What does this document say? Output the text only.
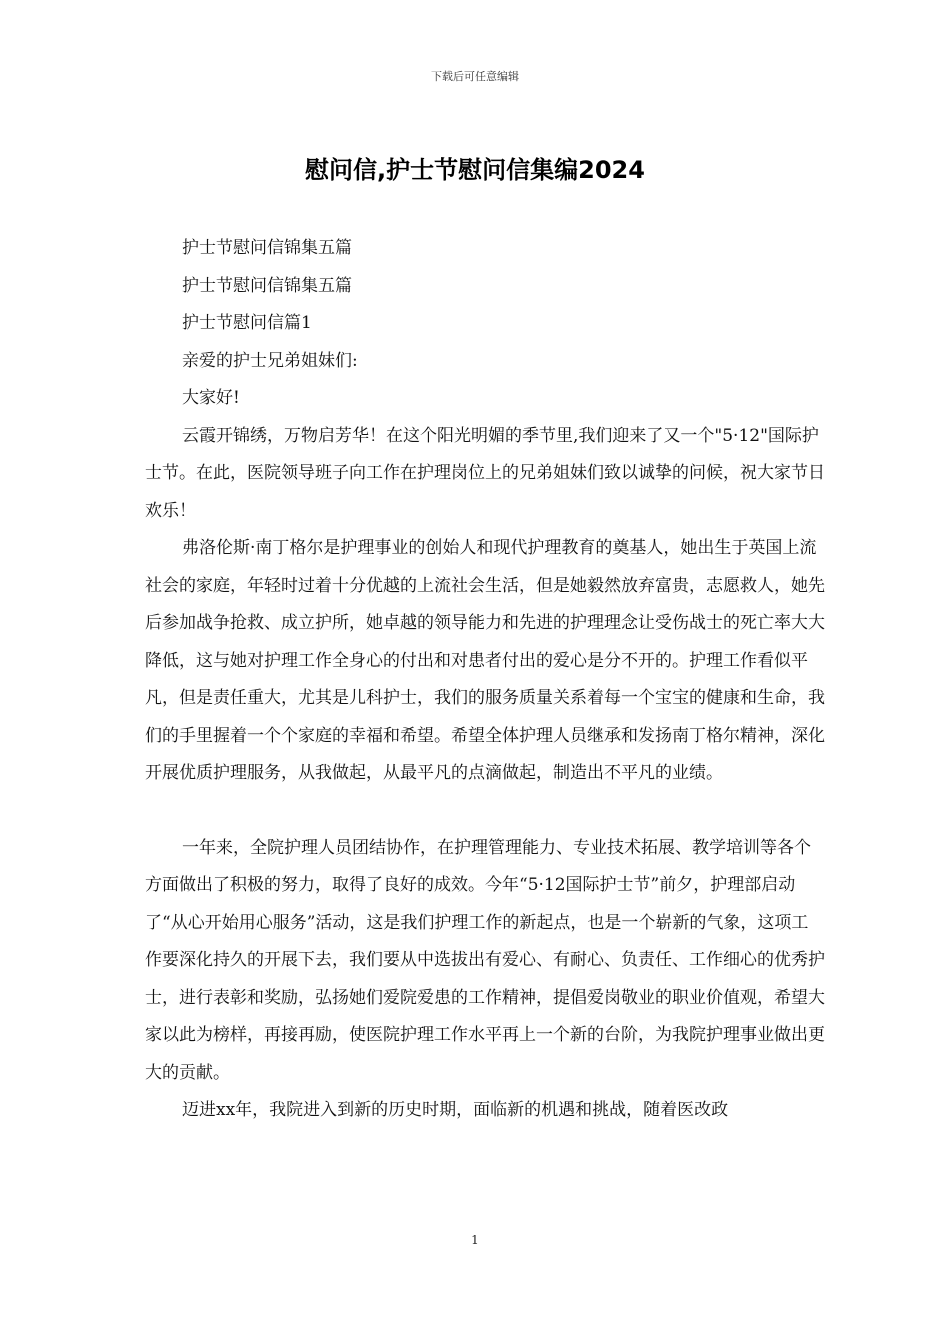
下载后可任意编辑
慰问信,护士节慰问信集编2024

护士节慰问信锦集五篇

护士节慰问信锦集五篇

护士节慰问信篇1

亲爱的护士兄弟姐妹们:

大家好!

云霞开锦绣，万物启芳华！在这个阳光明媚的季节里,我们迎来了又一个"5·12"国际护士节。在此，医院领导班子向工作在护理岗位上的兄弟姐妹们致以诚挚的问候，祝大家节日欢乐！

弗洛伦斯·南丁格尔是护理事业的创始人和现代护理教育的奠基人，她出生于英国上流社会的家庭，年轻时过着十分优越的上流社会生活，但是她毅然放弃富贵，志愿救人，她先后参加战争抢救、成立护所，她卓越的领导能力和先进的护理理念让受伤战士的死亡率大大降低，这与她对护理工作全身心的付出和对患者付出的爱心是分不开的。护理工作看似平凡，但是责任重大，尤其是儿科护士，我们的服务质量关系着每一个宝宝的健康和生命，我们的手里握着一个个家庭的幸福和希望。希望全体护理人员继承和发扬南丁格尔精神，深化开展优质护理服务，从我做起，从最平凡的点滴做起，制造出不平凡的业绩。

一年来，全院护理人员团结协作，在护理管理能力、专业技术拓展、教学培训等各个方面做出了积极的努力，取得了良好的成效。今年“5·12国际护士节”前夕，护理部启动了“从心开始用心服务”活动，这是我们护理工作的新起点，也是一个崭新的气象，这项工作要深化持久的开展下去，我们要从中选拔出有爱心、有耐心、负责任、工作细心的优秀护士，进行表彰和奖励，弘扬她们爱院爱患的工作精神，提倡爱岗敬业的职业价值观，希望大家以此为榜样，再接再励，使医院护理工作水平再上一个新的台阶，为我院护理事业做出更大的贡献。

迈进xx年，我院进入到新的历史时期，面临新的机遇和挑战，随着医改政

1
